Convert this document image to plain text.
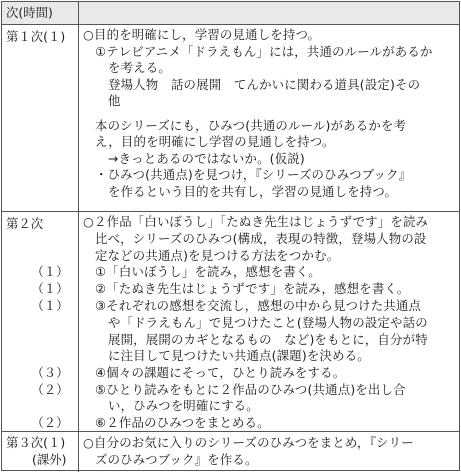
次(時間)
第１次(１) ○目的を明確にし，学習の見通しを持つ。
①テレビアニメ「ドラえもん」には，共通のルールがあるか
を考える。
登場人物　話の展開　てんかいに関わる道具(設定)その
他
本のシリーズにも，ひみつ(共通のルール)があるかを考
え，目的を明確にし学習の見通しを持つ。
→きっとあるのではないか。(仮説)
・ひみつ(共通点)を見つけ，『シリーズのひみつブック』
を作るという目的を共有し，学習の見通しを持つ。
第２次
（１）
（１）
（１）
（３）
（２）
（２）
○２作品「白いぼうし」「たぬき先生はじょうずです」を読み
比べ，シリーズのひみつ(構成，表現の特徴，登場人物の設
定などの共通点)を見つける方法をつかむ。
①「白いぼうし」を読み，感想を書く。
②「たぬき先生はじょうずです」を読み，感想を書く。
③それぞれの感想を交流し，感想の中から見つけた共通点
や「ドラえもん」で見つけたこと(登場人物の設定や話の
展開，展開のカギとなるもの　など)をもとに，自分が特
に注目して見つけたい共通点(課題)を決める。
④個々の課題にそって，ひとり読みをする。
⑤ひとり読みをもとに２作品のひみつ(共通点)を出し合
い，ひみつを明確にする。
⑥２作品のひみつをまとめる。
第３次(１)
(課外)
○自分のお気に入りのシリーズのひみつをまとめ，『シリー
ズのひみつブック』を作る。
